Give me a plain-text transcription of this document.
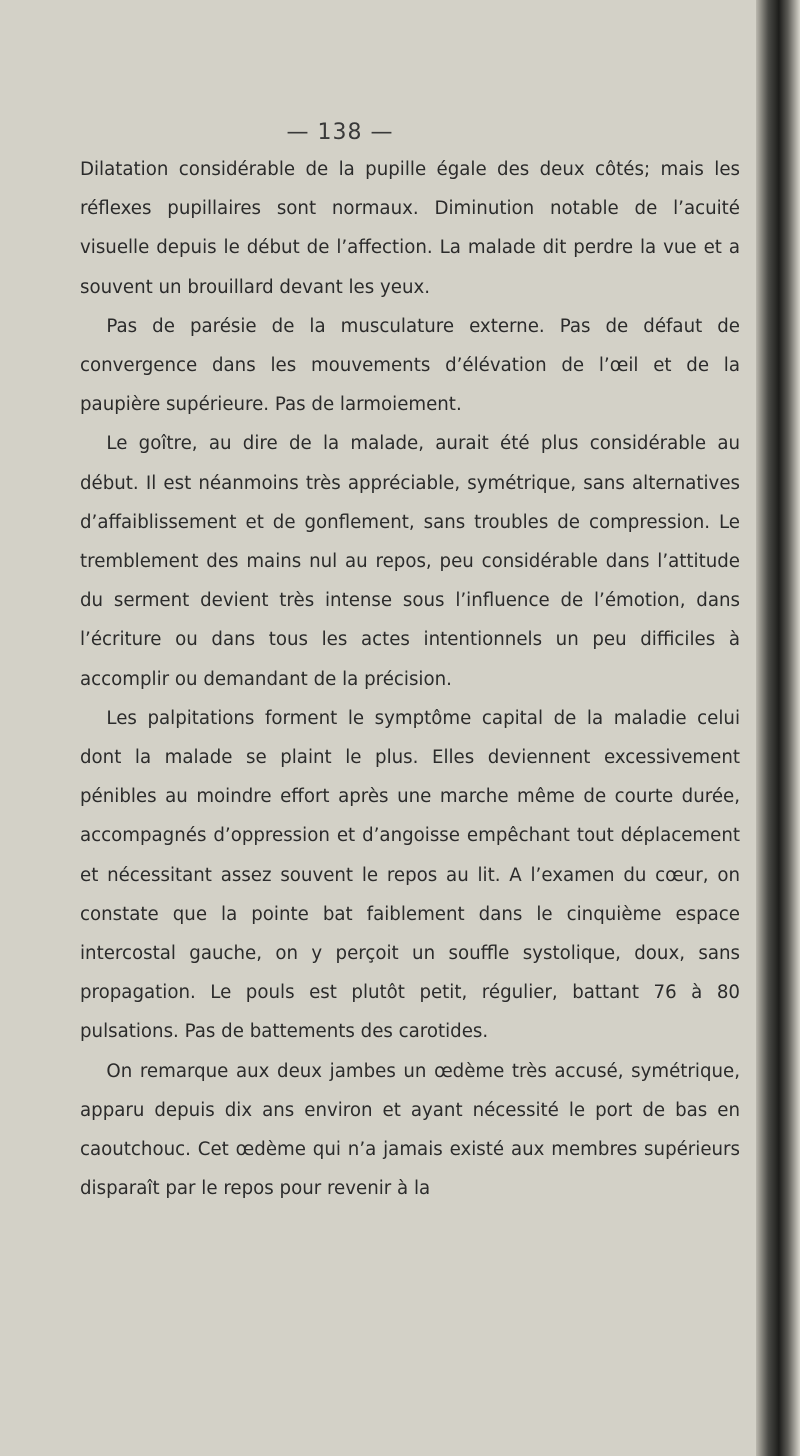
— 138 —

Dilatation considérable de la pupille égale des deux côtés; mais les réflexes pupillaires sont normaux. Diminution notable de l’acuité visuelle depuis le début de l’affection. La malade dit perdre la vue et a souvent un brouillard devant les yeux.

Pas de parésie de la musculature externe. Pas de défaut de convergence dans les mouvements d’élévation de l’œil et de la paupière supérieure. Pas de larmoiement.

Le goître, au dire de la malade, aurait été plus considérable au début. Il est néanmoins très appréciable, symétrique, sans alternatives d’affaiblissement et de gonflement, sans troubles de compression. Le tremblement des mains nul au repos, peu considérable dans l’attitude du serment devient très intense sous l’influence de l’émotion, dans l’écriture ou dans tous les actes intentionnels un peu difficiles à accomplir ou demandant de la précision.

Les palpitations forment le symptôme capital de la maladie celui dont la malade se plaint le plus. Elles deviennent excessivement pénibles au moindre effort après une marche même de courte durée, accompagnés d’oppression et d’angoisse empêchant tout déplacement et nécessitant assez souvent le repos au lit. A l’examen du cœur, on constate que la pointe bat faiblement dans le cinquième espace intercostal gauche, on y perçoit un souffle systolique, doux, sans propagation. Le pouls est plutôt petit, régulier, battant 76 à 80 pulsations. Pas de battements des carotides.

On remarque aux deux jambes un œdème très accusé, symétrique, apparu depuis dix ans environ et ayant nécessité le port de bas en caoutchouc. Cet œdème qui n’a jamais existé aux membres supérieurs disparaît par le repos pour revenir à la
